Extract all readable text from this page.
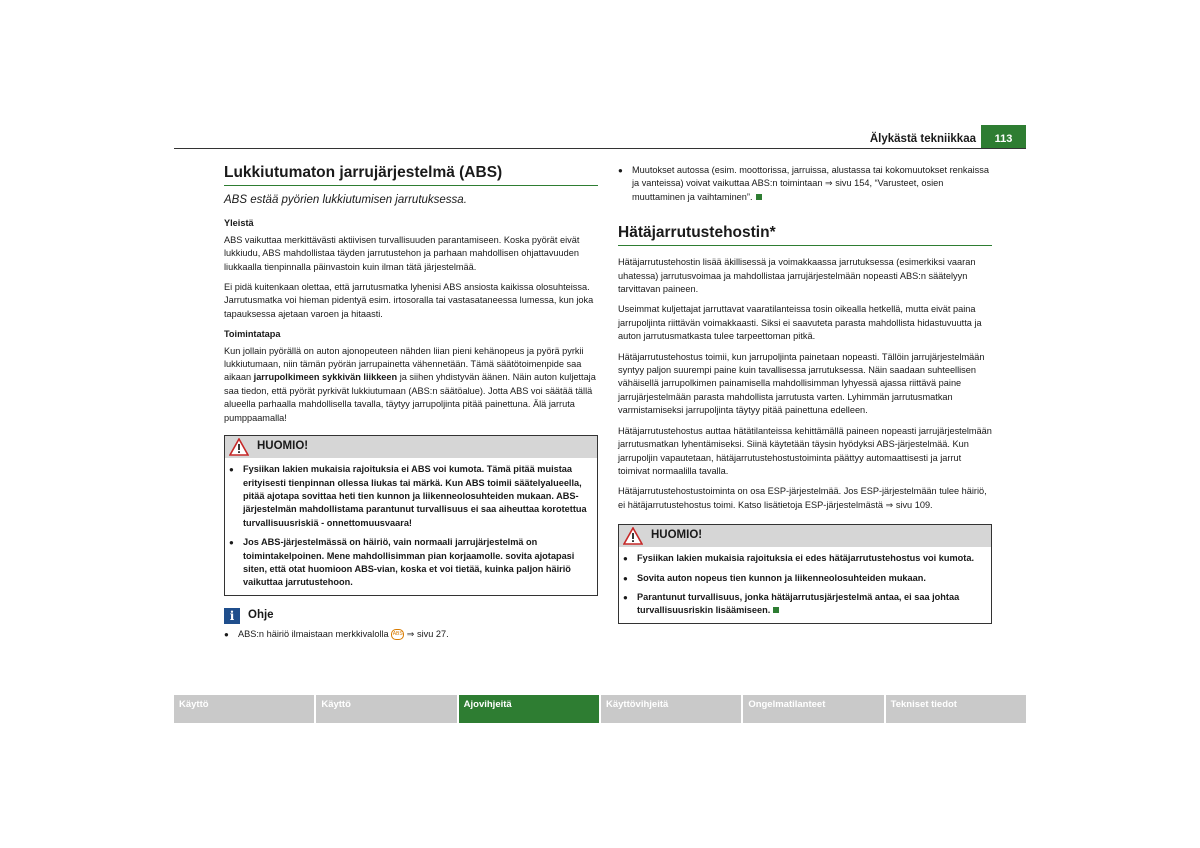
Älykästä tekniikkaa	113
Lukkiutumaton jarrujärjestelmä (ABS)
ABS estää pyörien lukkiutumisen jarrutuksessa.
Yleistä

ABS vaikuttaa merkittävästi aktiivisen turvallisuuden parantamiseen. Koska pyörät eivät lukkiudu, ABS mahdollistaa täyden jarrutustehon ja parhaan mahdollisen ohjattavuuden liukkaalla tienpinnalla päinvastoin kuin ilman tätä järjestelmää.

Ei pidä kuitenkaan olettaa, että jarrutusmatka lyhenisi ABS ansiosta kaikissa olosuhteissa. Jarrutusmatka voi hieman pidentyä esim. irtosoralla tai vastasataneessa lumessa, kun joka tapauksessa ajetaan varoen ja hitaasti.

Toimintatapa

Kun jollain pyörällä on auton ajonopeuteen nähden liian pieni kehänopeus ja pyörä pyrkii lukkiutumaan, niin tämän pyörän jarrupainetta vähennetään. Tämä säätötoimenpide saa aikaan jarrupolkimeen sykkivän liikkeen ja siihen yhdistyvän äänen. Näin auton kuljettaja saa tiedon, että pyörät pyrkivät lukkiutumaan (ABS:n säätöalue). Jotta ABS voi säätää tällä alueella parhaalla mahdollisella tavalla, täytyy jarrupoljinta pitää painettuna. Älä jarruta pumppaamalla!

HUOMIO!

● Fysiikan lakien mukaisia rajoituksia ei ABS voi kumota. Tämä pitää muistaa erityisesti tienpinnan ollessa liukas tai märkä. Kun ABS toimii säätelyalueella, pitää ajotapa sovittaa heti tien kunnon ja liikenneolosuhteiden mukaan. ABS-järjestelmän mahdollistama parantunut turvallisuus ei saa aiheuttaa korotettua turvallisuusriskiä - onnettomuusvaara!

● Jos ABS-järjestelmässä on häiriö, vain normaali jarrujärjestelmä on toimintakelpoinen. Mene mahdollisimman pian korjaamolle. sovita ajotapasi siten, että otat huomioon ABS-vian, koska et voi tietää, kuinka paljon häiriö vaikuttaa jarrutustehoon.

i	Ohje
● ABS:n häiriö ilmaistaan merkkivalolla ABS ⇒ sivu 27.

● Muutokset autossa (esim. moottorissa, jarruissa, alustassa tai kokomuutokset renkaissa ja vanteissa) voivat vaikuttaa ABS:n toimintaan ⇒ sivu 154, “Varusteet, osien muuttaminen ja vaihtaminen”.

Hätäjarrutustehostin*

Hätäjarrutustehostin lisää äkillisessä ja voimakkaassa jarrutuksessa (esimerkiksi vaaran uhatessa) jarrutusvoimaa ja mahdollistaa jarrujärjestelmään nopeasti ABS:n säätelyyn tarvittavan paineen.

Useimmat kuljettajat jarruttavat vaaratilanteissa tosin oikealla hetkellä, mutta eivät paina jarrupoljinta riittävän voimakkaasti. Siksi ei saavuteta parasta mahdollista hidastuvuutta ja auton jarrutusmatkasta tulee tarpeettoman pitkä.

Hätäjarrutustehostus toimii, kun jarrupoljinta painetaan nopeasti. Tällöin jarrujärjestelmään syntyy paljon suurempi paine kuin tavallisessa jarrutuksessa. Näin saadaan suhteellisen vähäisellä jarrupolkimen painamisella mahdollisimman lyhyessä ajassa riittävä paine jarrujärjestelmään parasta mahdollista jarrutusta varten. Lyhimmän jarrutusmatkan varmistamiseksi jarrupoljinta täytyy pitää painettuna edelleen.

Hätäjarrutustehostus auttaa hätätilanteissa kehittämällä paineen nopeasti jarrujärjestelmään jarrutusmatkan lyhentämiseksi. Siinä käytetään täysin hyödyksi ABS-järjestelmää. Kun jarrupoljin vapautetaan, hätäjarrutustehostustoiminta päättyy automaattisesti ja jarrut toimivat normaalilla tavalla.

Hätäjarrutustehostustoiminta on osa ESP-järjestelmää. Jos ESP-järjestelmään tulee häiriö, ei hätäjarrutustehostus toimi. Katso lisätietoja ESP-järjestelmästä ⇒ sivu 109.

HUOMIO!

● Fysiikan lakien mukaisia rajoituksia ei edes hätäjarrutustehostus voi kumota.

● Sovita auton nopeus tien kunnon ja liikenneolosuhteiden mukaan.

● Parantunut turvallisuus, jonka hätäjarrutusjärjestelmä antaa, ei saa johtaa turvallisuusriskin lisäämiseen.

Käyttö	Käyttö	Ajovihjeitä	Käyttövihjeitä	Ongelmatilanteet	Tekniset tiedot
